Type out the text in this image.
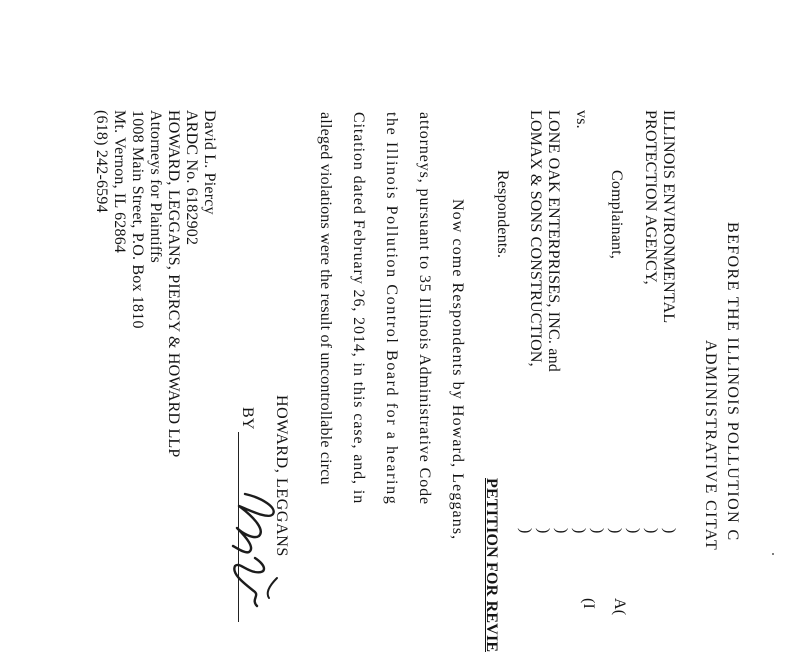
BEFORE THE ILLINOIS POLLUTION C
ADMINISTRATIVE CITAT
ILLINOIS ENVIRONMENTAL
PROTECTION AGENCY,
Complainant,
vs.
LONE OAK ENTERPRISES, INC. and
LOMAX & SONS CONSTRUCTION,
Respondents.
)
)
)
)
)
)
)
)
)
A(
(I
PETITION FOR REVIE
Now come Respondents by Howard, Leggans,
attorneys, pursuant to 35 Illinois Administrative Code
the Illinois Pollution Control Board for a hearing
Citation dated February 26, 2014, in this case, and, in
alleged violations were the result of uncontrollable circu
HOWARD, LEGGANS
BY
David L. Piercy
ARDC No. 6182902
HOWARD, LEGGANS, PIERCY & HOWARD LLP
Attorneys for Plaintiffs
1008 Main Street, P.O. Box 1810
Mt. Vernon, IL 62864
(618) 242-6594
